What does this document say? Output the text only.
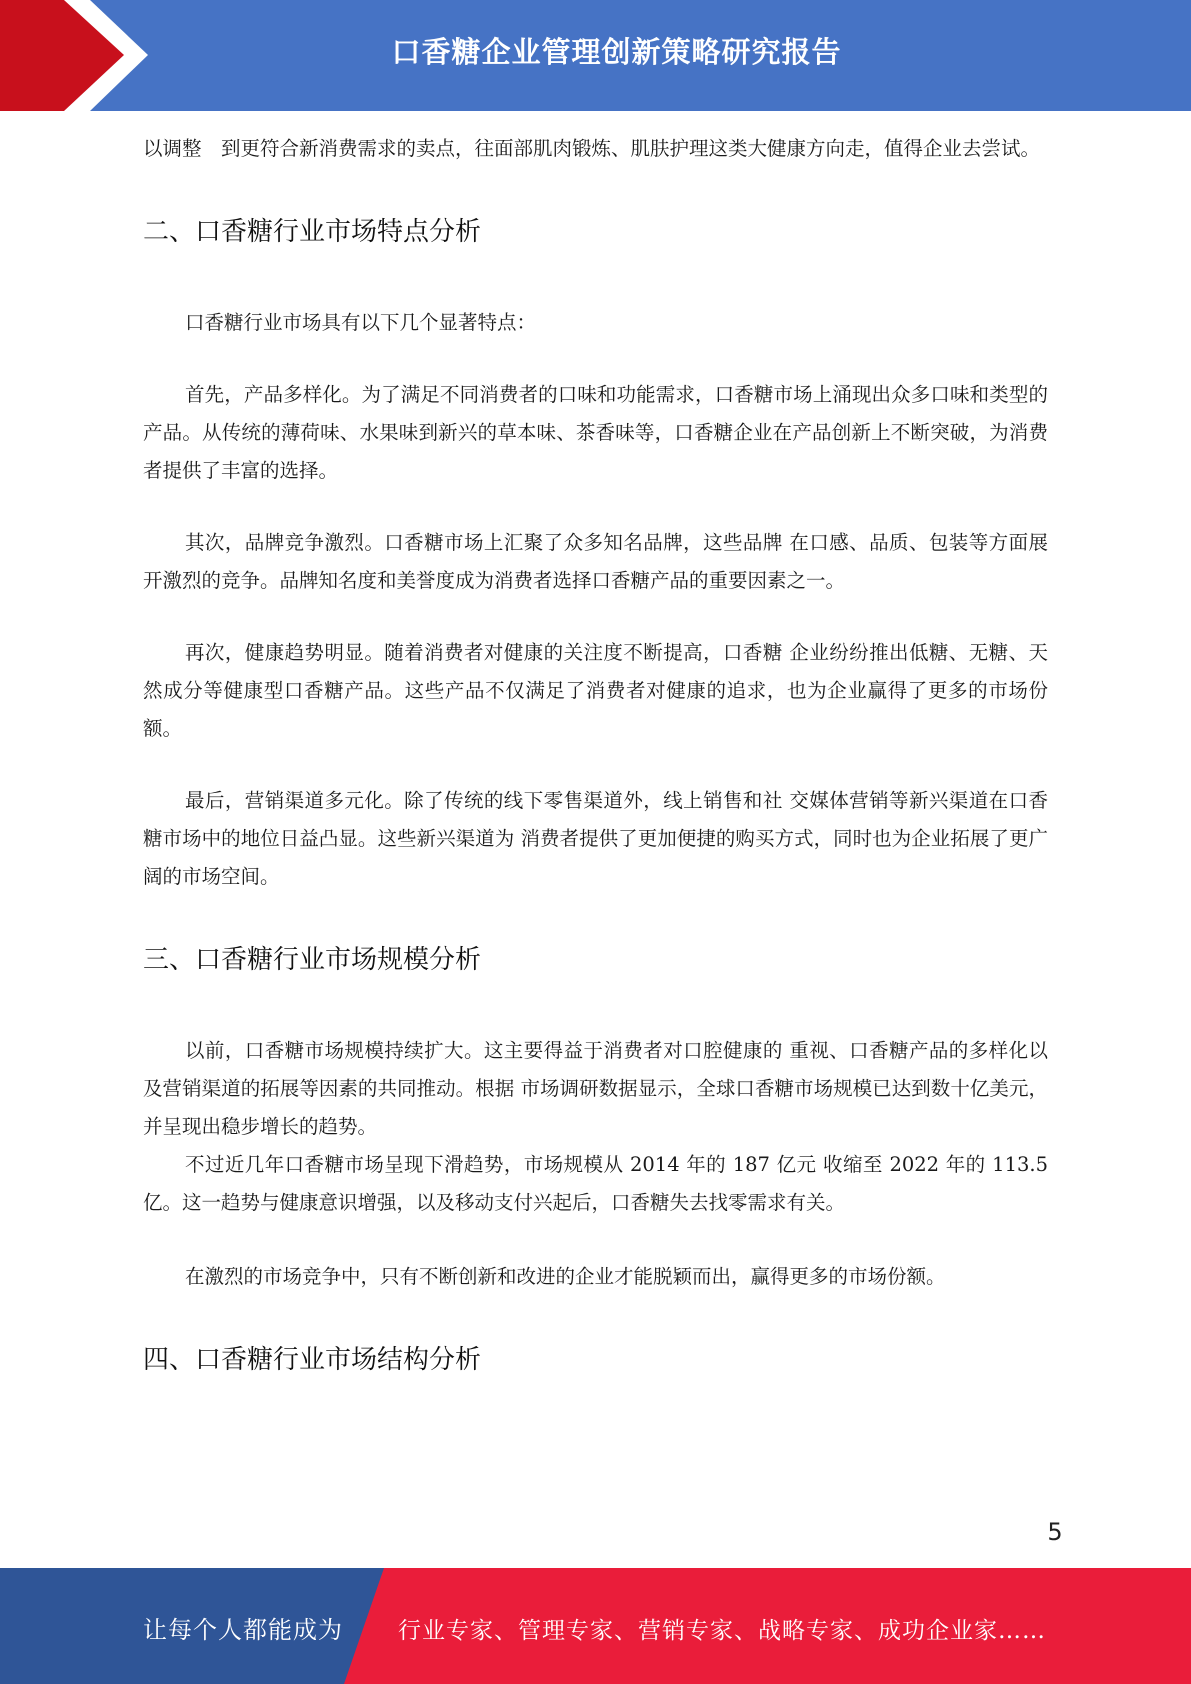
口香糖企业管理创新策略研究报告

以调整　到更符合新消费需求的卖点，往面部肌肉锻炼、肌肤护理这类大健康方向走，值得企业去尝试。

二、口香糖行业市场特点分析

口香糖行业市场具有以下几个显著特点：

首先，产品多样化。为了满足不同消费者的口味和功能需求，口香糖市场上涌现出众多口味和类型的产品。从传统的薄荷味、水果味到新兴的草本味、茶香味等，口香糖企业在产品创新上不断突破，为消费者提供了丰富的选择。

其次，品牌竞争激烈。口香糖市场上汇聚了众多知名品牌，这些品牌 在口感、品质、包装等方面展开激烈的竞争。品牌知名度和美誉度成为消费者选择口香糖产品的重要因素之一。

再次，健康趋势明显。随着消费者对健康的关注度不断提高，口香糖 企业纷纷推出低糖、无糖、天然成分等健康型口香糖产品。这些产品不仅满足了消费者对健康的追求，也为企业赢得了更多的市场份额。

最后，营销渠道多元化。除了传统的线下零售渠道外，线上销售和社 交媒体营销等新兴渠道在口香糖市场中的地位日益凸显。这些新兴渠道为 消费者提供了更加便捷的购买方式，同时也为企业拓展了更广阔的市场空间。

三、口香糖行业市场规模分析

以前，口香糖市场规模持续扩大。这主要得益于消费者对口腔健康的 重视、口香糖产品的多样化以及营销渠道的拓展等因素的共同推动。根据 市场调研数据显示，全球口香糖市场规模已达到数十亿美元，并呈现出稳步增长的趋势。

不过近几年口香糖市场呈现下滑趋势，市场规模从 2014 年的 187 亿元 收缩至 2022 年的 113.5 亿。这一趋势与健康意识增强，以及移动支付兴起后，口香糖失去找零需求有关。

在激烈的市场竞争中，只有不断创新和改进的企业才能脱颖而出，赢得更多的市场份额。

四、口香糖行业市场结构分析
5
让每个人都能成为 行业专家、管理专家、营销专家、战略专家、成功企业家……
